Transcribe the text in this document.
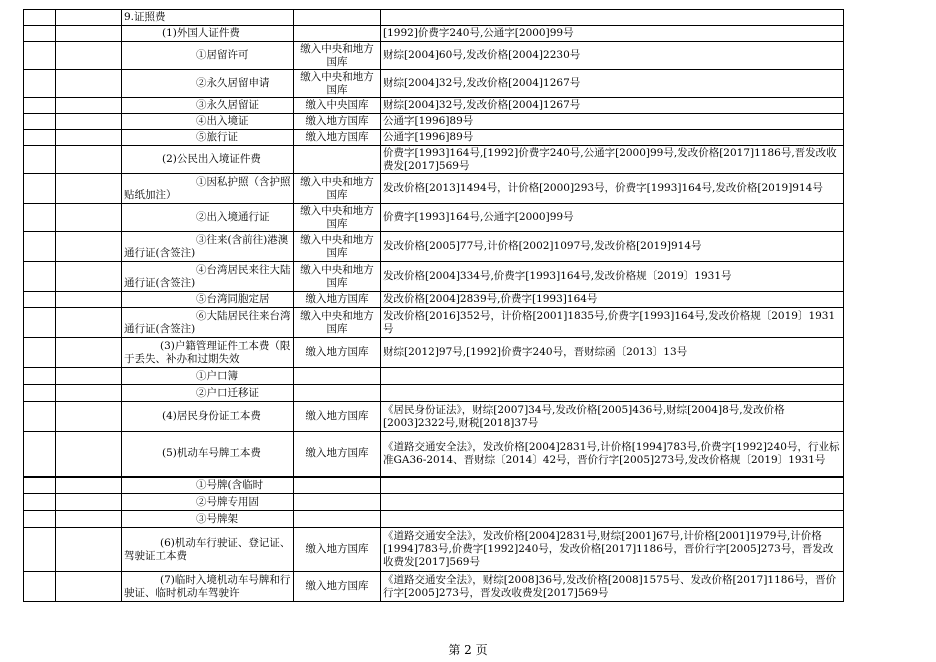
		9.证照费		

		(1)外国人证件费		[1992]价费字240号,公通字[2000]99号

		①居留许可	缴入中央和地方国库	财综[2004]60号,发改价格[2004]2230号

		②永久居留申请	缴入中央和地方国库	财综[2004]32号,发改价格[2004]1267号

		③永久居留证	缴入中央国库	财综[2004]32号,发改价格[2004]1267号

		④出入境证	缴入地方国库	公通字[1996]89号

		⑤旅行证	缴入地方国库	公通字[1996]89号

		(2)公民出入境证件费		价费字[1993]164号,[1992]价费字240号,公通字[2000]99号,发改价格[2017]1186号,晋发改收费发[2017]569号

		①因私护照（含护照贴纸加注）	缴入中央和地方国库	发改价格[2013]1494号，计价格[2000]293号，价费字[1993]164号,发改价格[2019]914号

		②出入境通行证	缴入中央和地方国库	价费字[1993]164号,公通字[2000]99号

		③往来(含前往)港澳通行证(含签注)	缴入中央和地方国库	发改价格[2005]77号,计价格[2002]1097号,发改价格[2019]914号

		④台湾居民来往大陆通行证(含签注)	缴入中央和地方国库	发改价格[2004]334号,价费字[1993]164号,发改价格规〔2019〕1931号

		⑤台湾同胞定居	缴入地方国库	发改价格[2004]2839号,价费字[1993]164号

		⑥大陆居民往来台湾通行证(含签注)	缴入中央和地方国库	发改价格[2016]352号，计价格[2001]1835号,价费字[1993]164号,发改价格规〔2019〕1931号

		(3)户籍管理证件工本费（限于丢失、补办和过期失效	缴入地方国库	财综[2012]97号,[1992]价费字240号，晋财综函〔2013〕13号

		①户口簿		

		②户口迁移证		

		(4)居民身份证工本费	缴入地方国库	《居民身份证法》，财综[2007]34号,发改价格[2005]436号,财综[2004]8号,发改价格[2003]2322号,财税[2018]37号

		(5)机动车号牌工本费	缴入地方国库	《道路交通安全法》，发改价格[2004]2831号,计价格[1994]783号,价费字[1992]240号，行业标准GA36-2014、晋财综〔2014〕42号，晋价行字[2005]273号,发改价格规〔2019〕1931号

		①号牌(含临时		

		②号牌专用固		

		③号牌架		

		(6)机动车行驶证、登记证、驾驶证工本费	缴入地方国库	《道路交通安全法》，发改价格[2004]2831号,财综[2001]67号,计价格[2001]1979号,计价格[1994]783号,价费字[1992]240号，发改价格[2017]1186号，晋价行字[2005]273号，晋发改收费发[2017]569号

		(7)临时入境机动车号牌和行驶证、临时机动车驾驶许	缴入地方国库	《道路交通安全法》，财综[2008]36号,发改价格[2008]1575号、发改价格[2017]1186号，晋价行字[2005]273号，晋发改收费发[2017]569号
第 2 页
